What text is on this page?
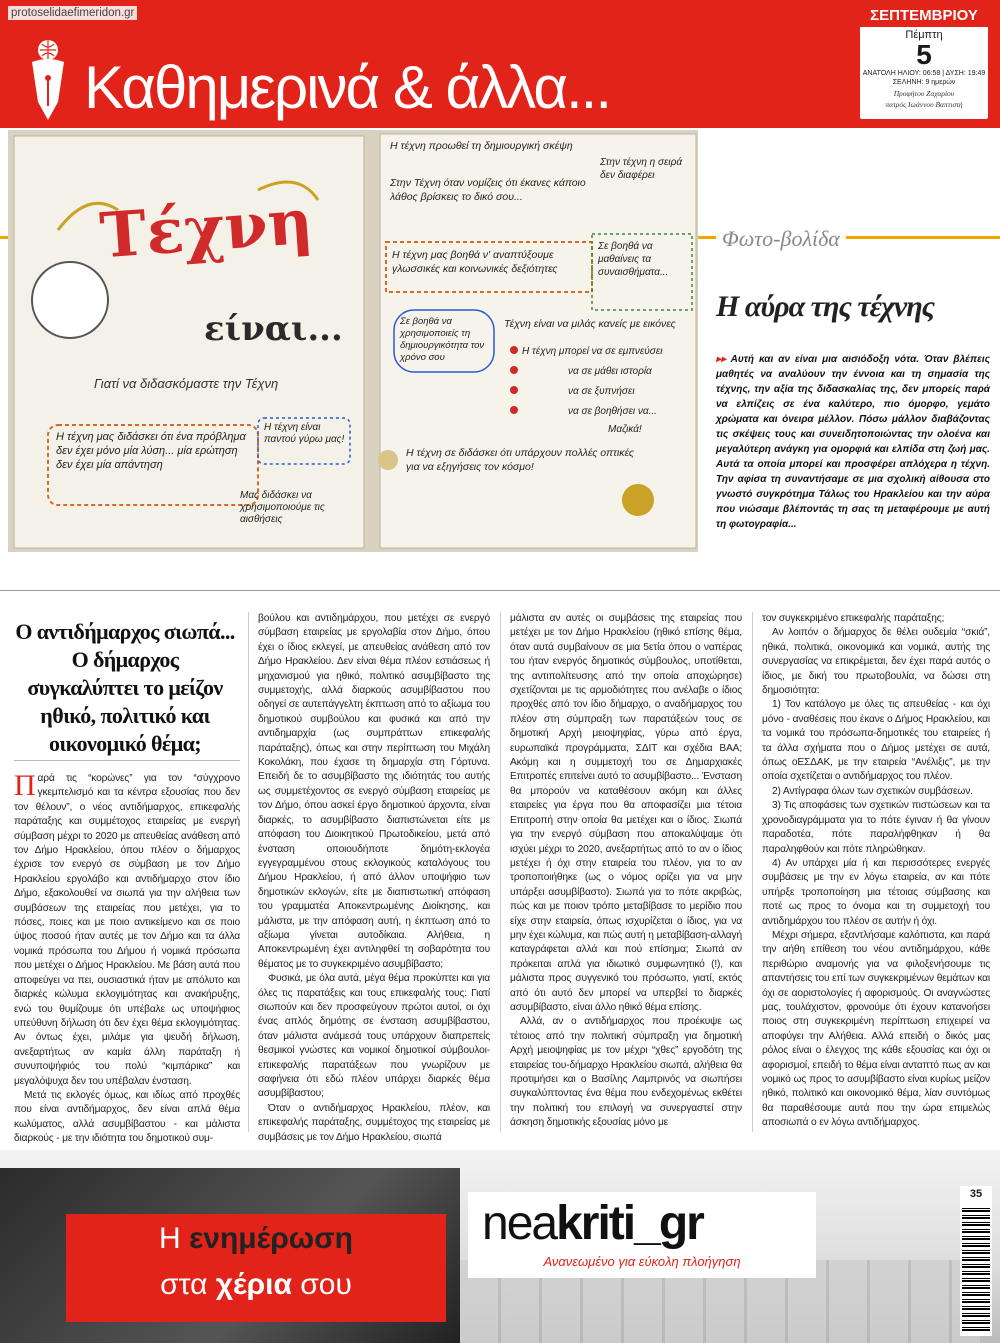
protoselidaefimeridon.gr
Καθημερινά & άλλα...
ΣΕΠΤΕΜΒΡΙΟΥ
Πέμπτη
5
ΑΝΑΤΟΛΗ ΗΛΙΟΥ: 06:58 | ΔΥΣΗ: 19:49
ΣΕΛΗΝΗ: 9 ημερών
Προφήτου Ζαχαρίου
πατρός Ιωάννου Βαπτιστή
Τέχνη
είναι...
Γιατί να διδασκόμαστε την Τέχνη
Η τέχνη μας διδάσκει ότι ένα πρόβλημα δεν έχει μόνο μία λύση... μία ερώτηση δεν έχει μία απάντηση
Η τέχνη είναι παντού γύρω μας!
Μας διδάσκει να χρησιμοποιούμε τις αισθήσεις
Η τέχνη προωθεί τη δημιουργική σκέψη
Στην Τέχνη όταν νομίζεις ότι έκανες κάποιο λάθος βρίσκεις το δικό σου...
Η τέχνη μας βοηθά ν' αναπτύξουμε γλωσσικές και κοινωνικές δεξιότητες
Στην τέχνη η σειρά δεν διαφέρει
Σε βοηθά να μαθαίνεις τα συναισθήματα...
Σε βοηθά να χρησιμοποιείς τη δημιουργικότητα τον χρόνο σου
Τέχνη είναι να μιλάς κανείς με εικόνες
Η τέχνη μπορεί να σε εμπνεύσει
να σε μάθει ιστορία
να σε ξυπνήσει
να σε βοηθήσει να...
Μαζικά!
Η τέχνη σε διδάσκει ότι υπάρχουν πολλές οπτικές για να εξηγήσεις τον κόσμο!
Φωτο-βολίδα
Η αύρα της τέχνης
▸▸ Αυτή και αν είναι μια αισιόδοξη νότα. Όταν βλέπεις μαθητές να αναλύουν την έννοια και τη σημασία της τέχνης, την αξία της διδασκαλίας της, δεν μπορείς παρά να ελπίζεις σε ένα καλύτερο, πιο όμορφο, γεμάτο χρώματα και όνειρα μέλλον. Πόσω μάλλον διαβάζοντας τις σκέψεις τους και συνειδητοποιώντας την ολοένα και μεγαλύτερη ανάγκη για ομορφιά και ελπίδα στη ζωή μας. Αυτά τα οποία μπορεί και προσφέρει απλόχερα η τέχνη. Την αφίσα τη συναντήσαμε σε μια σχολική αίθουσα στο γνωστό συγκρότημα Τάλως του Ηρακλείου και την αύρα που νιώσαμε βλέποντάς τη σας τη μεταφέρουμε με αυτή τη φωτογραφία...
Ο αντιδήμαρχος σιωπά... Ο δήμαρχος συγκαλύπτει το μείζον ηθικό, πολιτικό και οικονομικό θέμα;

Παρά τις “κορώνες” για τον “σύγχρονο γκεμπελισμό και τα κέντρα εξουσίας που δεν τον θέλουν”, ο νέος αντιδήμαρχος, επικεφαλής παράταξης και συμμέτοχος εταιρείας με ενεργή σύμβαση μέχρι το 2020 με απευθείας ανάθεση από τον Δήμο Ηρακλείου, όπου πλέον ο δήμαρχος έχρισε τον ενεργό σε σύμβαση με τον Δήμο Ηρακλείου εργολάβο και αντιδήμαρχο στον ίδιο Δήμο, εξακολουθεί να σιωπά για την αλήθεια των συμβάσεων της εταιρείας που μετέχει, για το πόσες, ποιες και με ποιο αντικείμενο και σε ποιο ύψος ποσού ήταν αυτές με τον Δήμο και τα άλλα νομικά πρόσωπα του Δήμου ή νομικά πρόσωπα που μετέχει ο Δήμος Ηρακλείου. Με βάση αυτά που αποφεύγει να πει, ουσιαστικά ήταν με απόλυτο και διαρκές κώλυμα εκλογιμότητας και ανακήρυξης, ενώ του θυμίζουμε ότι υπέβαλε ως υποψήφιος υπεύθυνη δήλωση ότι δεν έχει θέμα εκλογιμότητας. Αν όντως έχει, μιλάμε για ψευδή δήλωση, ανεξαρτήτως αν καμία άλλη παράταξη ή συνυποψήφιός του πολύ “κιμπάρικα” και μεγαλόψυχα δεν του υπέβαλαν ένσταση.

Μετά τις εκλογές όμως, και ιδίως από προχθές που είναι αντιδήμαρχος, δεν είναι απλά θέμα κωλύματος, αλλά ασυμβίβαστου - και μάλιστα διαρκούς - με την ιδιότητα του δημοτικού συμ-

βούλου και αντιδημάρχου, που μετέχει σε ενεργό σύμβαση εταιρείας με εργολαβία στον Δήμο, όπου έχει ο ίδιος εκλεγεί, με απευθείας ανάθεση από τον Δήμο Ηρακλείου. Δεν είναι θέμα πλέον εστιάσεως ή μηχανισμού για ηθικό, πολιτικό ασυμβίβαστο της συμμετοχής, αλλά διαρκούς ασυμβίβαστου που οδηγεί σε αυτεπάγγελτη έκπτωση από το αξίωμα του δημοτικού συμβούλου και φυσικά και από την αντιδημαρχία (ως συμπράττων επικεφαλής παράταξης), όπως και στην περίπτωση του Μιχάλη Κοκολάκη, που έχασε τη δημαρχία στη Γόρτυνα. Επειδή δε το ασυμβίβαστο της ιδιότητάς του αυτής ως συμμετέχοντος σε ενεργό σύμβαση εταιρείας με τον Δήμο, όπου ασκεί έργο δημοτικού άρχοντα, είναι διαρκές, το ασυμβίβαστο διαπιστώνεται είτε με απόφαση του Διοικητικού Πρωτοδικείου, μετά από ένσταση οποιουδήποτε δημότη-εκλογέα εγγεγραμμένου στους εκλογικούς καταλόγους του Δήμου Ηρακλείου, ή από άλλον υποψήφιο των δημοτικών εκλογών, είτε με διαπιστωτική απόφαση του γραμματέα Αποκεντρωμένης Διοίκησης, και μάλιστα, με την απόφαση αυτή, η έκπτωση από το αξίωμα γίνεται αυτοδίκαια. Αλήθεια, η Αποκεντρωμένη έχει αντιληφθεί τη σοβαρότητα του θέματος με το συγκεκριμένο ασυμβίβαστο;

Φυσικά, με όλα αυτά, μέγα θέμα προκύπτει και για όλες τις παρατάξεις και τους επικεφαλής τους: Γιατί σιωπούν και δεν προσφεύγουν πρώτοι αυτοί, οι όχι ένας απλός δημότης σε ένσταση ασυμβίβαστου, όταν μάλιστα ανάμεσά τους υπάρχουν διαπρεπείς θεσμικοί γνώστες και νομικοί δημοτικοί σύμβουλοι-επικεφαλής παρατάξεων που γνωρίζουν με σαφήνεια ότι εδώ πλέον υπάρχει διαρκές θέμα ασυμβίβαστου;

Όταν ο αντιδήμαρχος Ηρακλείου, πλέον, και επικεφαλής παράταξης, συμμέτοχος της εταιρείας με συμβάσεις με τον Δήμο Ηρακλείου, σιωπά

μάλιστα αν αυτές οι συμβάσεις της εταιρείας που μετέχει με τον Δήμο Ηρακλείου (ηθικό επίσης θέμα, όταν αυτά συμβαίνουν σε μια 5ετία όπου ο ναπέρας του ήταν ενεργός δημοτικός σύμβουλος, υποτίθεται, της αντιπολίτευσης από την οποία αποχώρησε) σχετίζονται με τις αρμοδιότητες που ανέλαβε ο ίδιος προχθές από τον ίδιο δήμαρχο, ο αναδήμαρχος του πλέον στη σύμπραξη των παρατάξεών τους σε δημοτική Αρχή μειοψηφίας, γύρω από έργα, ευρωπαϊκά προγράμματα, ΣΔΙΤ και σχέδια ΒΑΑ; Ακόμη και η συμμετοχή του σε Δημαρχιακές Επιτροπές επιτείνει αυτό το ασυμβίβαστο... Ένσταση θα μπορούν να καταθέσουν ακόμη και άλλες εταιρείες για έργα που θα αποφασίζει μια τέτοια Επιτροπή στην οποία θα μετέχει και ο ίδιος. Σιωπά για την ενεργό σύμβαση που αποκαλύψαμε ότι ισχύει μέχρι το 2020, ανεξαρτήτως από το αν ο ίδιος μετέχει ή όχι στην εταιρεία του πλέον, για το αν τροποποιήθηκε (ως ο νόμος ορίζει για να μην υπάρξει ασυμβίβαστο). Σιωπά για το πότε ακριβώς, πώς και με ποιον τρόπο μεταβίβασε το μερίδιο που είχε στην εταιρεία, όπως ισχυρίζεται ο ίδιος, για να μην έχει κώλυμα, και πώς αυτή η μεταβίβαση-αλλαγή καταγράφεται αλλά και πού επίσημα; Σιωπά αν πρόκειται απλά για ιδιωτικό συμφωνητικό (!), και μάλιστα προς συγγενικό του πρόσωπο, γιατί, εκτός από ότι αυτό δεν μπορεί να υπερβεί το διαρκές ασυμβίβαστο, είναι άλλο ηθικό θέμα επίσης.

Αλλά, αν ο αντιδήμαρχος που προέκυψε ως τέτοιος από την πολιτική σύμπραξη για δημοτική Αρχή μειοψηφίας με τον μέχρι “χθες” εργοδότη της εταιρείας του-δήμαρχο Ηρακλείου σιωπά, αλήθεια θα προτιμήσει και ο Βασίλης Λαμπρινός να σιωπήσει συγκαλύπτοντας ένα θέμα που ενδεχομένως εκθέτει την πολιτική του επιλογή να συνεργαστεί στην άσκηση δημοτικής εξουσίας μόνο με

τον συγκεκριμένο επικεφαλής παράταξης;

Αν λοιπόν ο δήμαρχος δε θέλει ουδεμία “σκιά”, ηθικά, πολιτικά, οικονομικά και νομικά, αυτής της συνεργασίας να επικρέμεται, δεν έχει παρά αυτός ο ίδιος, με δική του πρωτοβουλία, να δώσει στη δημοσιότητα:

1) Τον κατάλογο με όλες τις απευθείας - και όχι μόνο - αναθέσεις που έκανε ο Δήμος Ηρακλείου, και τα νομικά του πρόσωπα-δημοτικές του εταιρείες ή τα άλλα σχήματα που ο Δήμος μετέχει σε αυτά, όπως οΕΣΔΑΚ, με την εταιρεία “Ανέλιξις”, με την οποία σχετίζεται ο αντιδήμαρχος του πλέον.

2) Αντίγραφα όλων των σχετικών συμβάσεων.

3) Τις αποφάσεις των σχετικών πιστώσεων και τα χρονοδιαγράμματα για το πότε έγιναν ή θα γίνουν παραδοτέα, πότε παραλήφθηκαν ή θα παραληφθούν και πότε πληρώθηκαν.

4) Αν υπάρχει μία ή και περισσότερες ενεργές συμβάσεις με την εν λόγω εταιρεία, αν και πότε υπήρξε τροποποίηση μια τέτοιας σύμβασης και ποτέ ως προς το όνομα και τη συμμετοχή του αντιδημάρχου του πλέον σε αυτήν ή όχι.

Μέχρι σήμερα, εξαντλήσαμε καλόπιστα, και παρά την αήθη επίθεση του νέου αντιδημάρχου, κάθε περιθώριο αναμονής για να φιλοξενήσουμε τις απαντήσεις του επί των συγκεκριμένων θεμάτων και όχι σε αοριστολογίες ή αφορισμούς. Οι αναγνώστες μας, τουλάχιστον, φρονούμε ότι έχουν κατανοήσει ποιος στη συγκεκριμένη περίπτωση επιχειρεί να αποφύγει την Αλήθεια. Αλλά επειδή ο δικός μας ρόλος είναι ο έλεγχος της κάθε εξουσίας και όχι οι αφορισμοί, επειδή το θέμα είναι ανταπτό πως αν και νομικό ως προς το ασυμβίβαστο είναι κυρίως μείζον ηθικό, πολιτικό και οικονομικό θέμα, λίαν συντόμως θα παραθέσουμε αυτά που την ώρα επιμελώς αποσιωπά ο εν λόγω αντιδήμαρχος.

Η ενημέρωση
στα χέρια σου
neakriti_gr
Ανανεωμένο για εύκολη πλοήγηση
35
